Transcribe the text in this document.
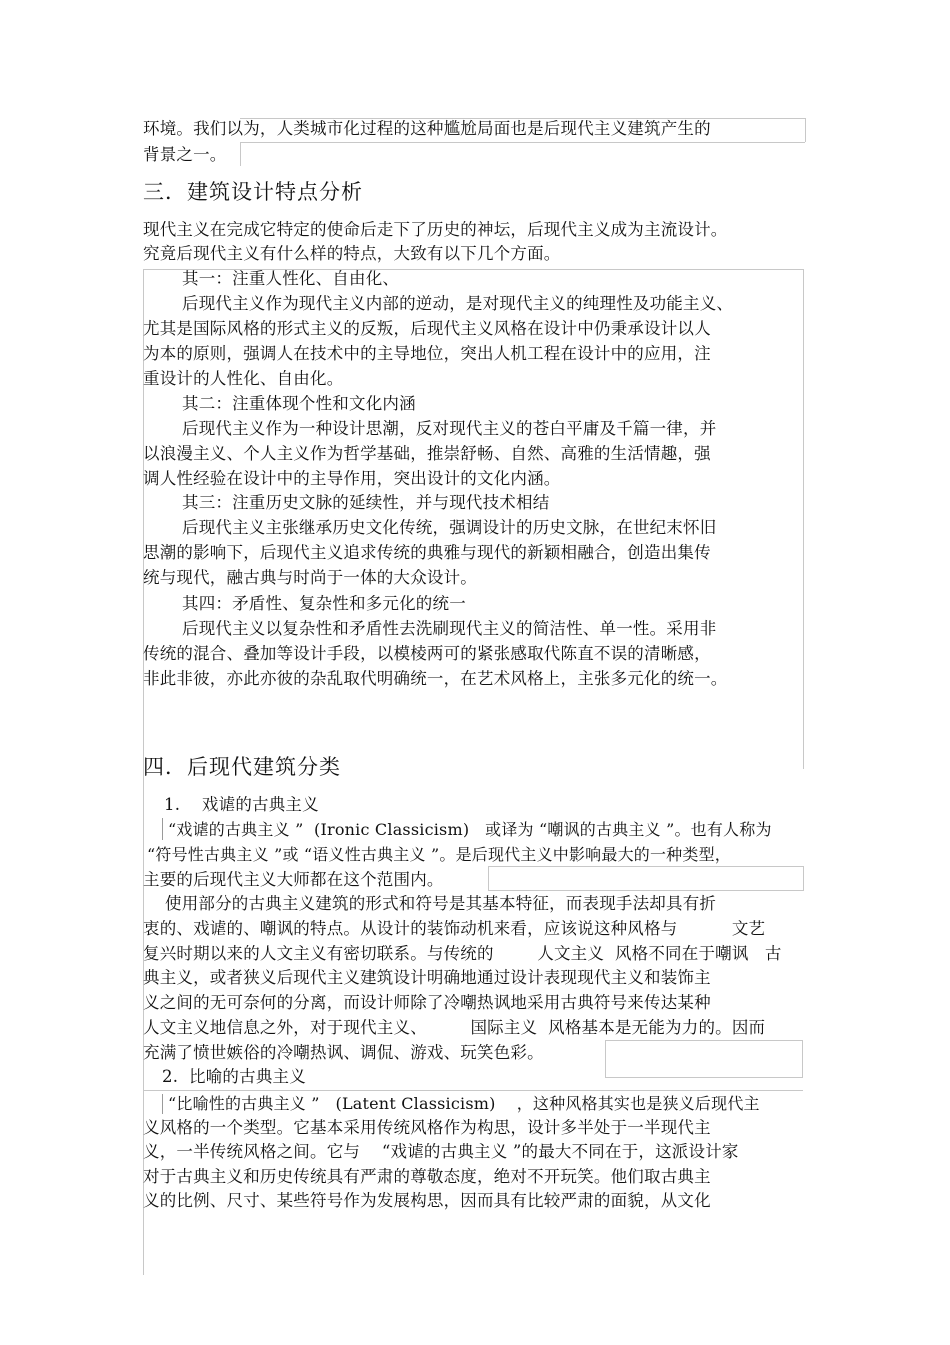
环境。我们以为，人类城市化过程的这种尴尬局面也是后现代主义建筑产生的
背景之一。
三．建筑设计特点分析
现代主义在完成它特定的使命后走下了历史的神坛，后现代主义成为主流设计。
究竟后现代主义有什么样的特点，大致有以下几个方面。
其一：注重人性化、自由化、
后现代主义作为现代主义内部的逆动，是对现代主义的纯理性及功能主义、
尤其是国际风格的形式主义的反叛，后现代主义风格在设计中仍秉承设计以人
为本的原则，强调人在技术中的主导地位，突出人机工程在设计中的应用，注
重设计的人性化、自由化。
其二：注重体现个性和文化内涵
后现代主义作为一种设计思潮，反对现代主义的苍白平庸及千篇一律，并
以浪漫主义、个人主义作为哲学基础，推崇舒畅、自然、高雅的生活情趣，强
调人性经验在设计中的主导作用，突出设计的文化内涵。
其三：注重历史文脉的延续性，并与现代技术相结
后现代主义主张继承历史文化传统，强调设计的历史文脉，在世纪末怀旧
思潮的影响下，后现代主义追求传统的典雅与现代的新颖相融合，创造出集传
统与现代，融古典与时尚于一体的大众设计。
其四：矛盾性、复杂性和多元化的统一
后现代主义以复杂性和矛盾性去洗刷现代主义的简洁性、单一性。采用非
传统的混合、叠加等设计手段，以模棱两可的紧张感取代陈直不误的清晰感，
非此非彼，亦此亦彼的杂乱取代明确统一，在艺术风格上，主张多元化的统一。
四．后现代建筑分类
1.    戏谑的古典主义
“戏谑的古典主义 ”  (Ironic Classicism)   或译为 “嘲讽的古典主义 ”。也有人称为
“符号性古典主义 ”或 “语义性古典主义 ”。是后现代主义中影响最大的一种类型，
主要的后现代主义大师都在这个范围内。
使用部分的古典主义建筑的形式和符号是其基本特征，而表现手法却具有折
衷的、戏谑的、嘲讽的特点。从设计的装饰动机来看，应该说这种风格与          文艺
复兴时期以来的人文主义有密切联系。与传统的        人文主义  风格不同在于嘲讽   古
典主义，或者狭义后现代主义建筑设计明确地通过设计表现现代主义和装饰主
义之间的无可奈何的分离，而设计师除了冷嘲热讽地采用古典符号来传达某种
人文主义地信息之外，对于现代主义、        国际主义  风格基本是无能为力的。因而
充满了愤世嫉俗的冷嘲热讽、调侃、游戏、玩笑色彩。
2.  比喻的古典主义
“比喻性的古典主义 ”   (Latent Classicism)    ，这种风格其实也是狭义后现代主
义风格的一个类型。它基本采用传统风格作为构思，设计多半处于一半现代主
义，一半传统风格之间。它与    “戏谑的古典主义 ”的最大不同在于，这派设计家
对于古典主义和历史传统具有严肃的尊敬态度，绝对不开玩笑。他们取古典主
义的比例、尺寸、某些符号作为发展构思，因而具有比较严肃的面貌，从文化
